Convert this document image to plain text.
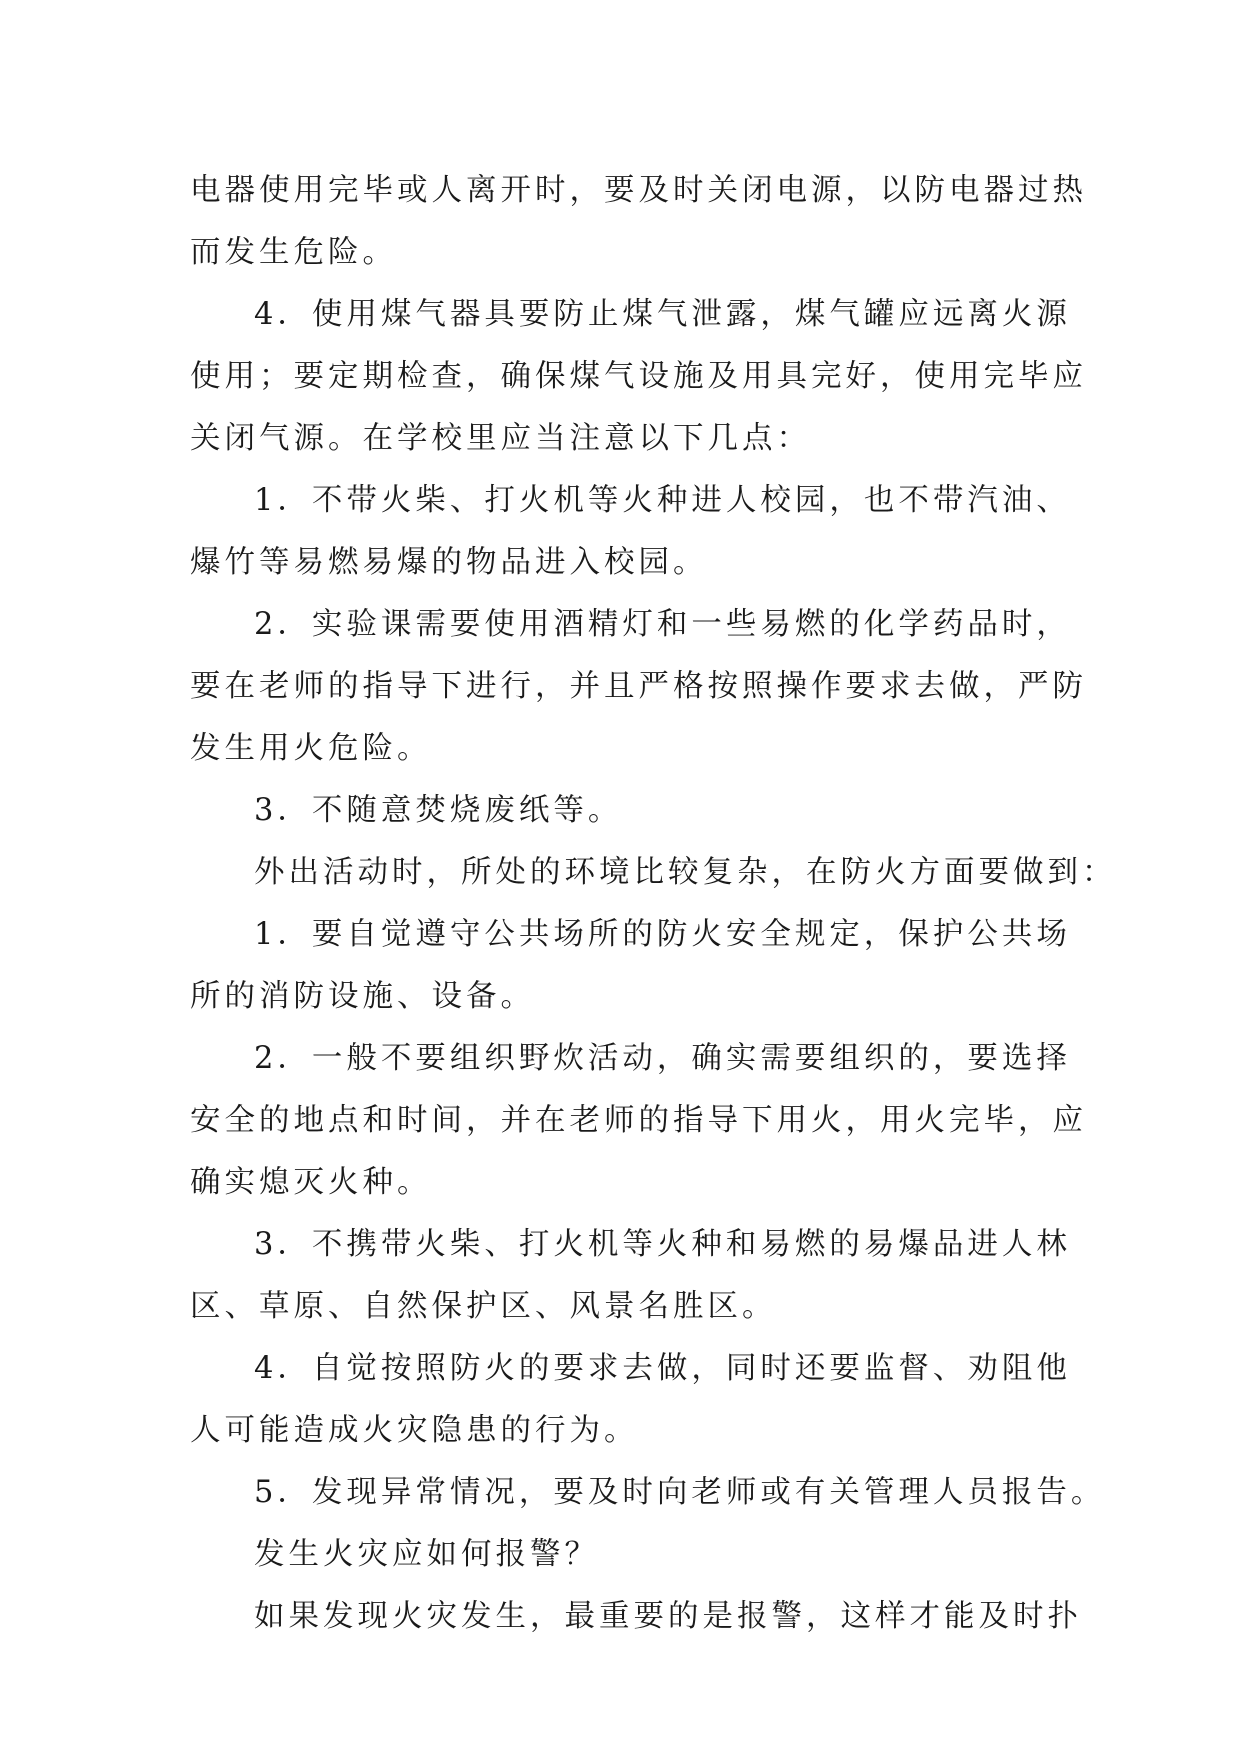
电器使用完毕或人离开时，要及时关闭电源，以防电器过热
而发生危险。
4．使用煤气器具要防止煤气泄露，煤气罐应远离火源
使用；要定期检查，确保煤气设施及用具完好，使用完毕应
关闭气源。在学校里应当注意以下几点：
1．不带火柴、打火机等火种进人校园，也不带汽油、
爆竹等易燃易爆的物品进入校园。
2．实验课需要使用酒精灯和一些易燃的化学药品时，
要在老师的指导下进行，并且严格按照操作要求去做，严防
发生用火危险。
3．不随意焚烧废纸等。
外出活动时，所处的环境比较复杂，在防火方面要做到：
1．要自觉遵守公共场所的防火安全规定，保护公共场
所的消防设施、设备。
2．一般不要组织野炊活动，确实需要组织的，要选择
安全的地点和时间，并在老师的指导下用火，用火完毕，应
确实熄灭火种。
3．不携带火柴、打火机等火种和易燃的易爆品进人林
区、草原、自然保护区、风景名胜区。
4．自觉按照防火的要求去做，同时还要监督、劝阻他
人可能造成火灾隐患的行为。
5．发现异常情况，要及时向老师或有关管理人员报告。
发生火灾应如何报警？
如果发现火灾发生，最重要的是报警，这样才能及时扑
